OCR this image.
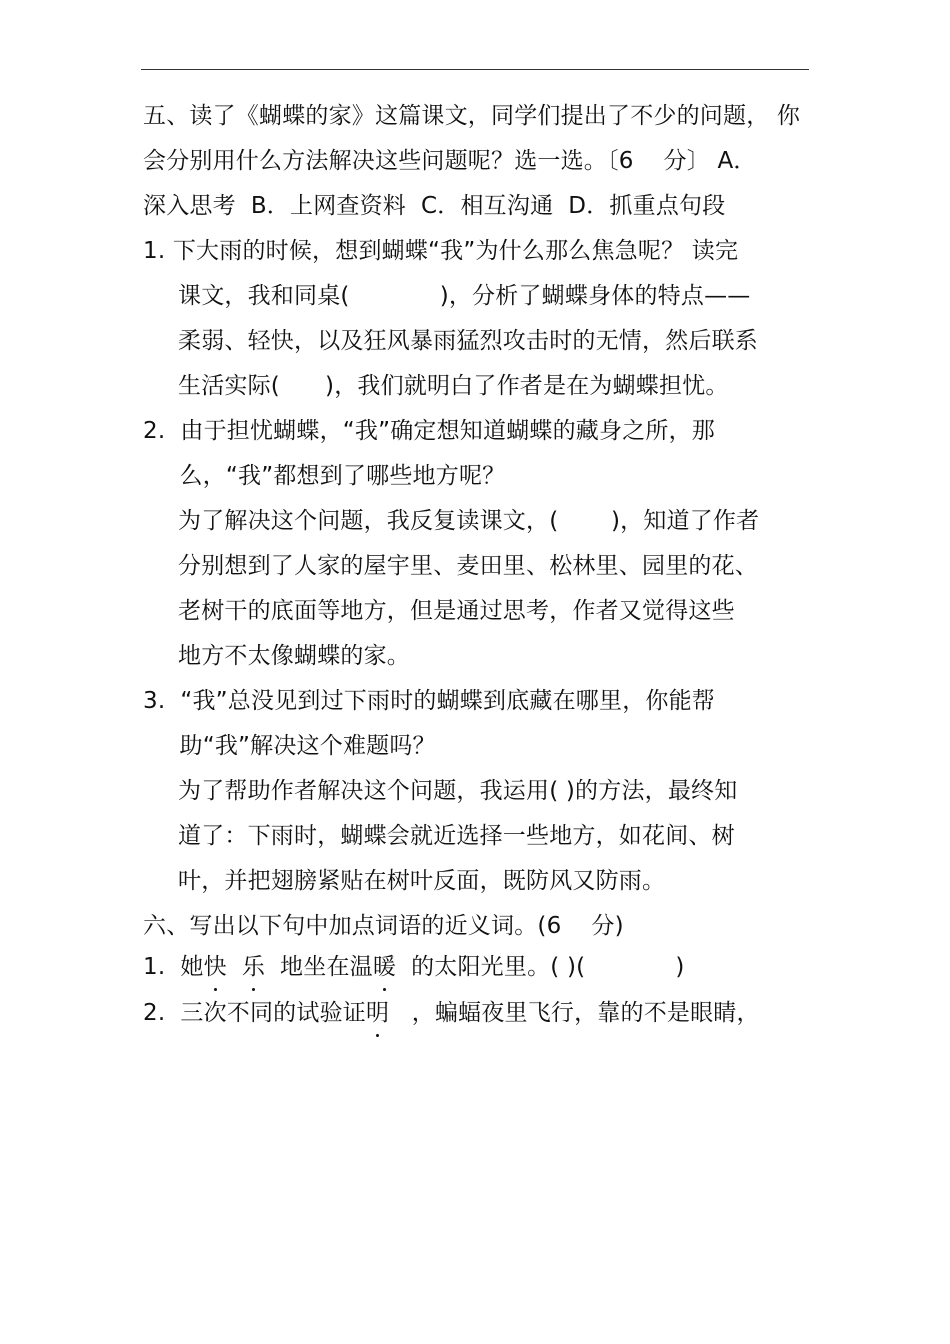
五、读了《蝴蝶的家》这篇课文，同学们提出了不少的问题， 你
会分别用什么方法解决这些问题呢？选一选。〔6    分〕 A．
深入思考  B．上网查资料  C．相互沟通  D．抓重点句段
1. 下大雨的时候，想到蝴蝶“我”为什么那么焦急呢？ 读完
课文，我和同桌(            )，分析了蝴蝶身体的特点——
柔弱、轻快，以及狂风暴雨猛烈攻击时的无情，然后联系
生活实际(      )，我们就明白了作者是在为蝴蝶担忧。
2.  由于担忧蝴蝶，“我”确定想知道蝴蝶的藏身之所，那
么，“我”都想到了哪些地方呢？
为了解决这个问题，我反复读课文，(       )，知道了作者
分别想到了人家的屋宇里、麦田里、松林里、园里的花、
老树干的底面等地方，但是通过思考，作者又觉得这些
地方不太像蝴蝶的家。
3.  “我”总没见到过下雨时的蝴蝶到底藏在哪里，你能帮
助“我”解决这个难题吗？
为了帮助作者解决这个问题，我运用( )的方法，最终知
道了：下雨时，蝴蝶会就近选择一些地方，如花间、树
叶，并把翅膀紧贴在树叶反面，既防风又防雨。
六、写出以下句中加点词语的近义词。(6    分)
1.  她快 乐  地坐在温暖  的太阳光里。( )(            )
2.  三次不同的试验证明   ，蝙蝠夜里飞行，靠的不是眼睛，
